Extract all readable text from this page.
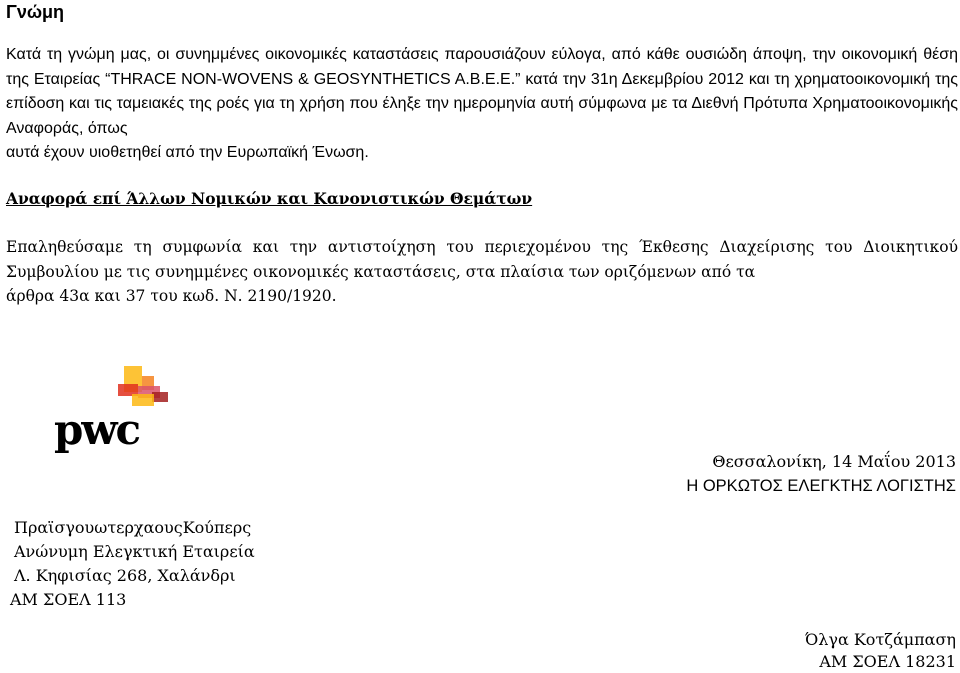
Γνώμη
Κατά τη γνώμη μας, οι συνημμένες οικονομικές καταστάσεις παρουσιάζουν εύλογα, από κάθε ουσιώδη άποψη, την οικονομική θέση της Εταιρείας “THRACE NON-WOVENS & GEOSYNTHETICS A.B.E.E.” κατά την 31η Δεκεμβρίου 2012 και τη χρηματοοικονομική της επίδοση και τις ταμειακές της ροές για τη χρήση που έληξε την ημερομηνία αυτή σύμφωνα με τα Διεθνή Πρότυπα Χρηματοοικονομικής Αναφοράς, όπως
αυτά έχουν υιοθετηθεί από την Ευρωπαϊκή Ένωση.
Αναφορά επί Άλλων Νομικών και Κανονιστικών Θεμάτων
Επαληθεύσαμε τη συμφωνία και την αντιστοίχηση του περιεχομένου της Έκθεσης Διαχείρισης του Διοικητικού Συμβουλίου με τις συνημμένες οικονομικές καταστάσεις, στα πλαίσια των οριζόμενων από τα
άρθρα 43α και 37 του κωδ. Ν. 2190/1920.
pwc
Θεσσαλονίκη, 14 Μαΐου 2013
Η ΟΡΚΩΤΟΣ ΕΛΕΓΚΤΗΣ ΛΟΓΙΣΤΗΣ
ΠραϊσγουωτερχαουςΚούπερς
Ανώνυμη Ελεγκτική Εταιρεία
Λ. Κηφισίας 268, Χαλάνδρι
ΑΜ ΣΟΕΛ 113
Όλγα Κοτζάμπαση
ΑΜ ΣΟΕΛ 18231
